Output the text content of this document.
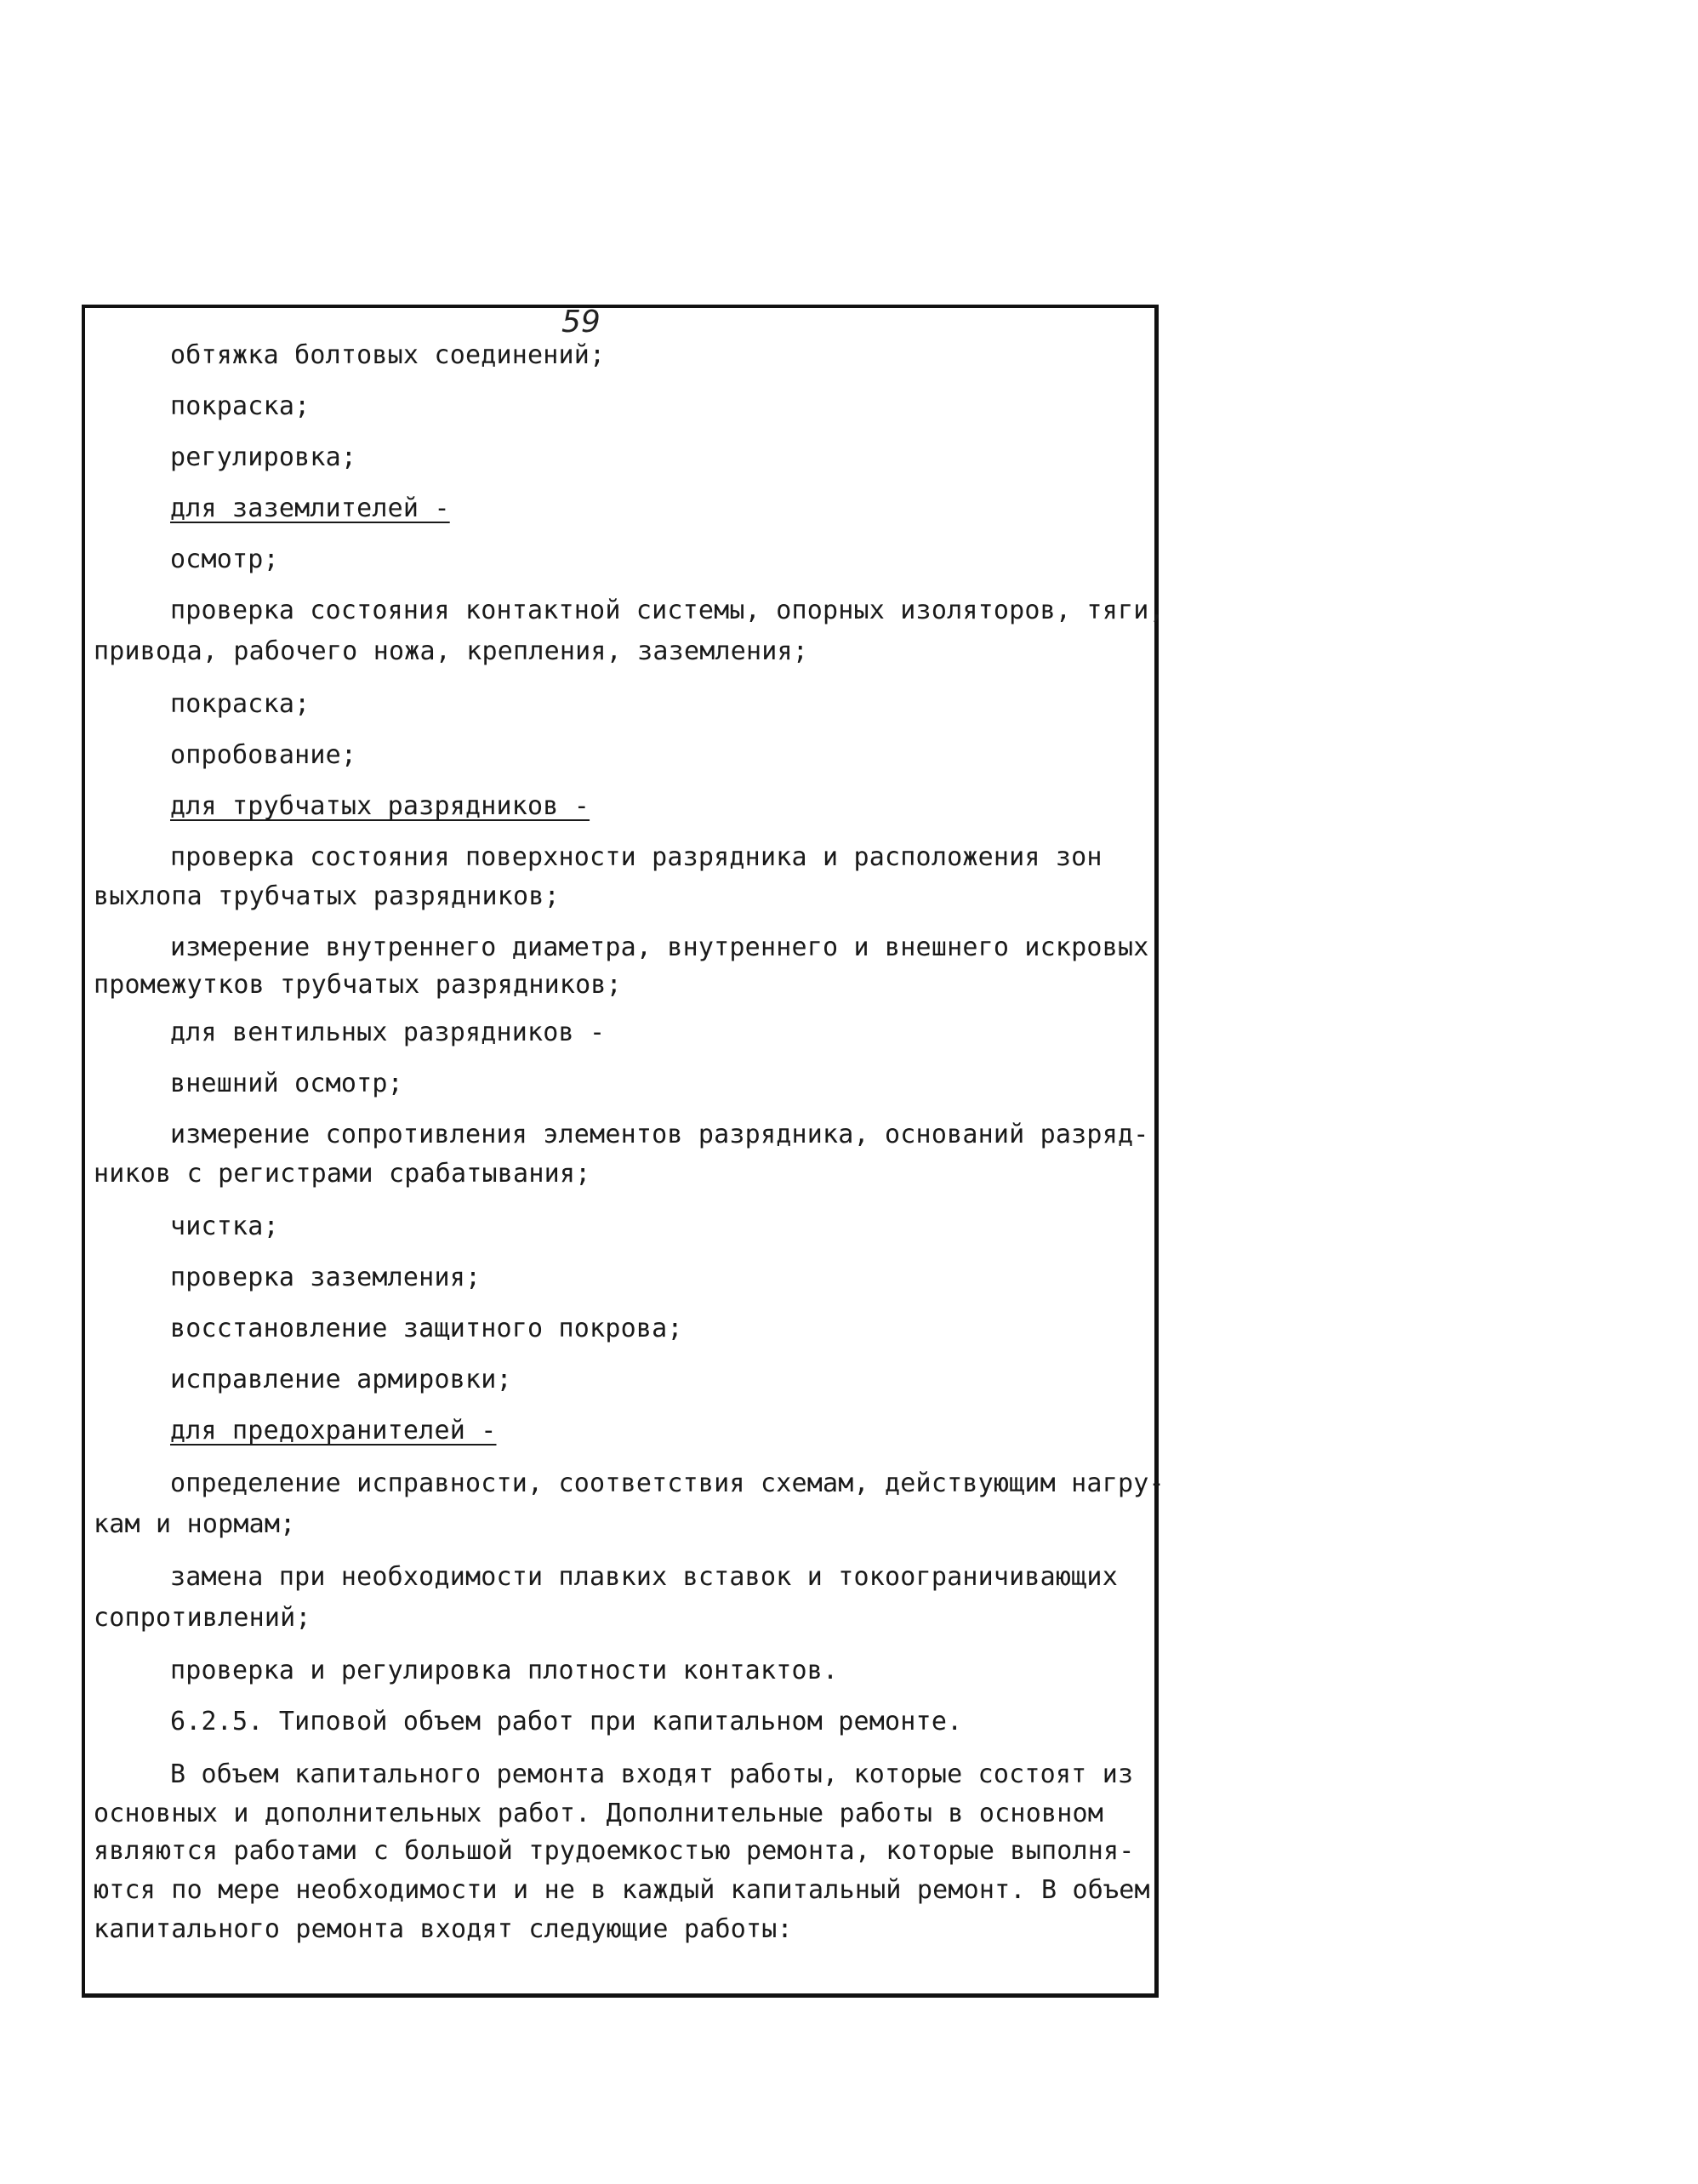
59
обтяжка болтовых соединений;
покраска;
регулировка;
для заземлителей -
осмотр;
проверка состояния контактной системы, опорных изоляторов, тяги,
привода, рабочего ножа, крепления, заземления;
покраска;
опробование;
для трубчатых разрядников -
проверка состояния поверхности разрядника и расположения зон
выхлопа трубчатых разрядников;
измерение внутреннего диаметра, внутреннего и внешнего искровых
промежутков трубчатых разрядников;
для вентильных разрядников -
внешний осмотр;
измерение сопротивления элементов разрядника, оснований разряд-
ников с регистрами срабатывания;
чистка;
проверка заземления;
восстановление защитного покрова;
исправление армировки;
для предохранителей -
определение исправности, соответствия схемам, действующим нагру-
кам и нормам;
замена при необходимости плавких вставок и токоограничивающих
сопротивлений;
проверка и регулировка плотности контактов.
6.2.5. Типовой объем работ при капитальном ремонте.
В объем капитального ремонта входят работы, которые состоят из
основных и дополнительных работ. Дополнительные работы в основном
являются работами с большой трудоемкостью ремонта, которые выполня-
ются по мере необходимости и не в каждый капитальный ремонт. В объем
капитального ремонта входят следующие работы:
